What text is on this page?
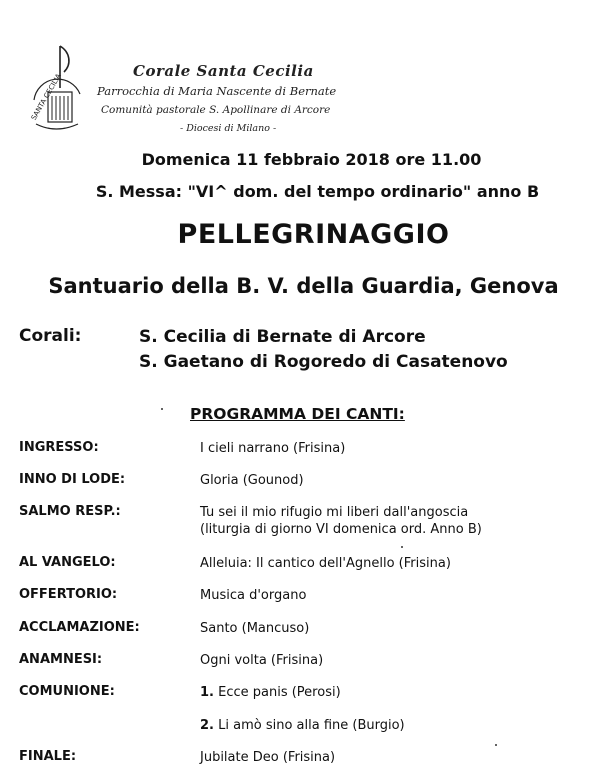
SANTA CECILIA
Corale Santa Cecilia
Parrocchia di Maria Nascente di Bernate
Comunità pastorale S. Apollinare di Arcore
- Diocesi di Milano -
Domenica 11 febbraio 2018 ore 11.00
S. Messa: "VI^ dom. del tempo ordinario" anno B
PELLEGRINAGGIO
Santuario della B. V. della Guardia, Genova
Corali:	S. Cecilia di Bernate di Arcore
S. Gaetano di Rogoredo di Casatenovo
PROGRAMMA DEI CANTI:
INGRESSO:	I cieli narrano (Frisina)
INNO DI LODE:	Gloria (Gounod)
SALMO RESP.:	Tu sei il mio rifugio mi liberi dall'angoscia
(liturgia di giorno VI domenica ord. Anno B)
AL VANGELO:	Alleluia: Il cantico dell'Agnello (Frisina)
OFFERTORIO:	Musica d'organo
ACCLAMAZIONE:	Santo (Mancuso)
ANAMNESI:	Ogni volta (Frisina)
COMUNIONE:	1. Ecce panis (Perosi)
2. Li amò sino alla fine (Burgio)
FINALE:	Jubilate Deo (Frisina)
